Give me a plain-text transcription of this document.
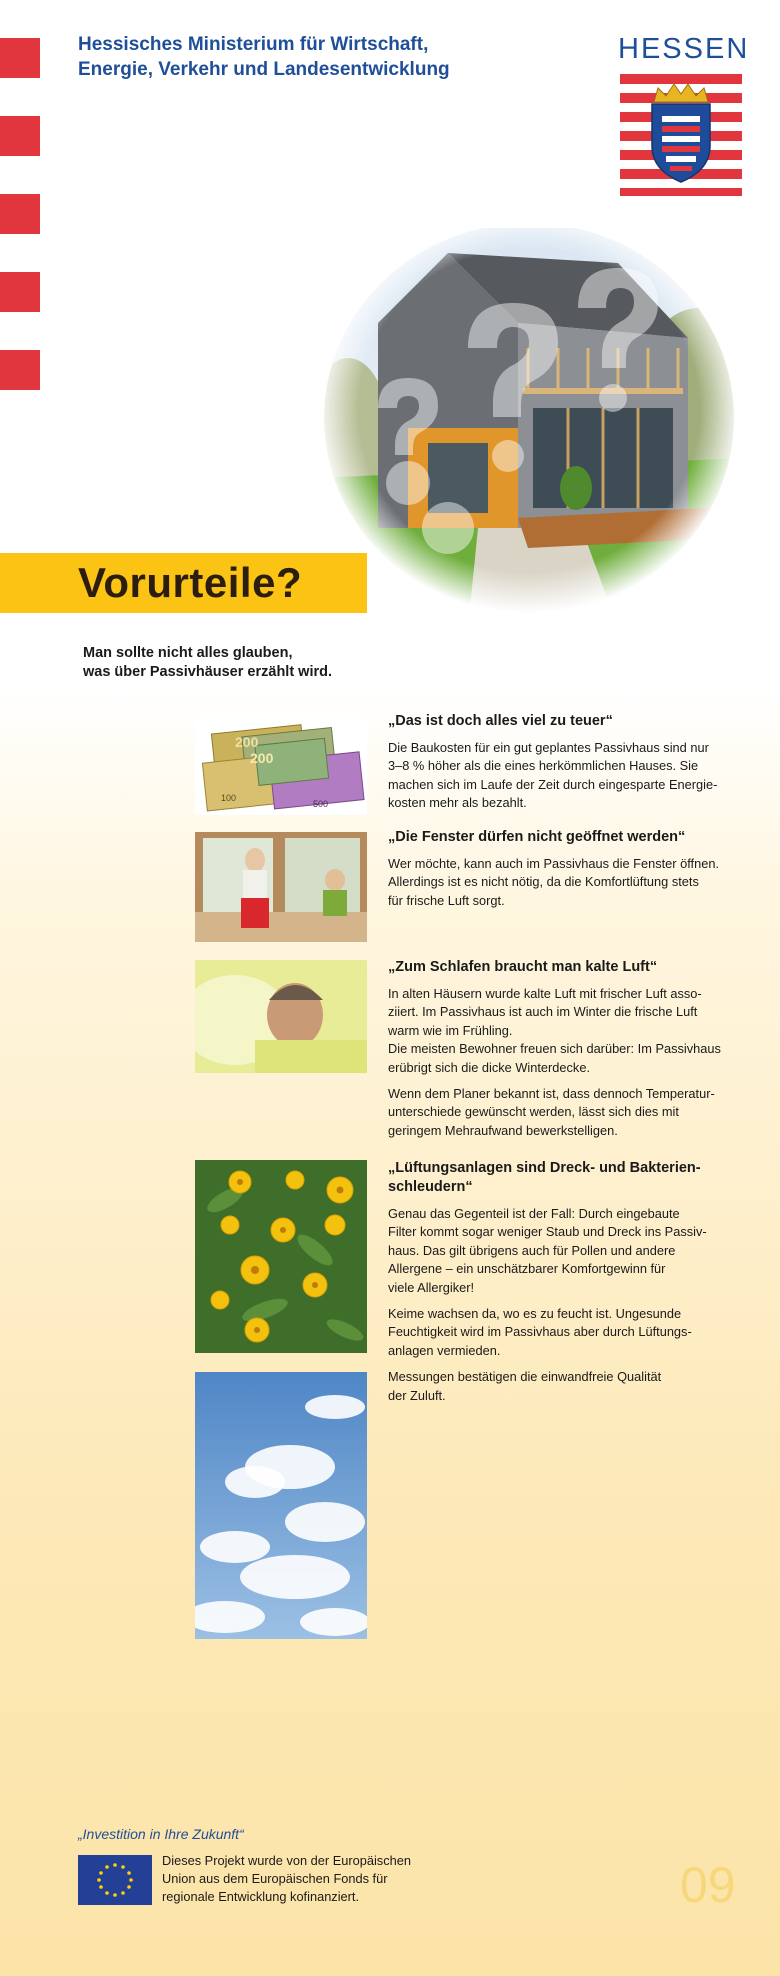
Hessisches Ministerium für Wirtschaft,
Energie, Verkehr und Landesentwicklung
HESSEN
Vorurteile?
Man sollte nicht alles glauben,
was über Passivhäuser erzählt wird.
200
200
100
500
„Das ist doch alles viel zu teuer“

Die Baukosten für ein gut geplantes Passivhaus sind nur
3–8 % höher als die eines herkömmlichen Hauses. Sie
machen sich im Laufe der Zeit durch eingesparte Energie-
kosten mehr als bezahlt.

„Die Fenster dürfen nicht geöffnet werden“

Wer möchte, kann auch im Passivhaus die Fenster öffnen.
Allerdings ist es nicht nötig, da die Komfortlüftung stets
für frische Luft sorgt.

„Zum Schlafen braucht man kalte Luft“

In alten Häusern wurde kalte Luft mit frischer Luft asso-
ziiert. Im Passivhaus ist auch im Winter die frische Luft
warm wie im Frühling.
Die meisten Bewohner freuen sich darüber: Im Passivhaus
erübrigt sich die dicke Winterdecke.

Wenn dem Planer bekannt ist, dass dennoch Temperatur-
unterschiede gewünscht werden, lässt sich dies mit
geringem Mehraufwand bewerkstelligen.

„Lüftungsanlagen sind Dreck- und Bakterien-
schleudern“

Genau das Gegenteil ist der Fall: Durch eingebaute
Filter kommt sogar weniger Staub und Dreck ins Passiv-
haus. Das gilt übrigens auch für Pollen und andere
Allergene – ein unschätzbarer Komfortgewinn für
viele Allergiker!

Keime wachsen da, wo es zu feucht ist. Ungesunde
Feuchtigkeit wird im Passivhaus aber durch Lüftungs-
anlagen vermieden.

Messungen bestätigen die einwandfreie Qualität
der Zuluft.

„Investition in Ihre Zukunft“
Dieses Projekt wurde von der Europäischen
Union aus dem Europäischen Fonds für
regionale Entwicklung kofinanziert.	09
